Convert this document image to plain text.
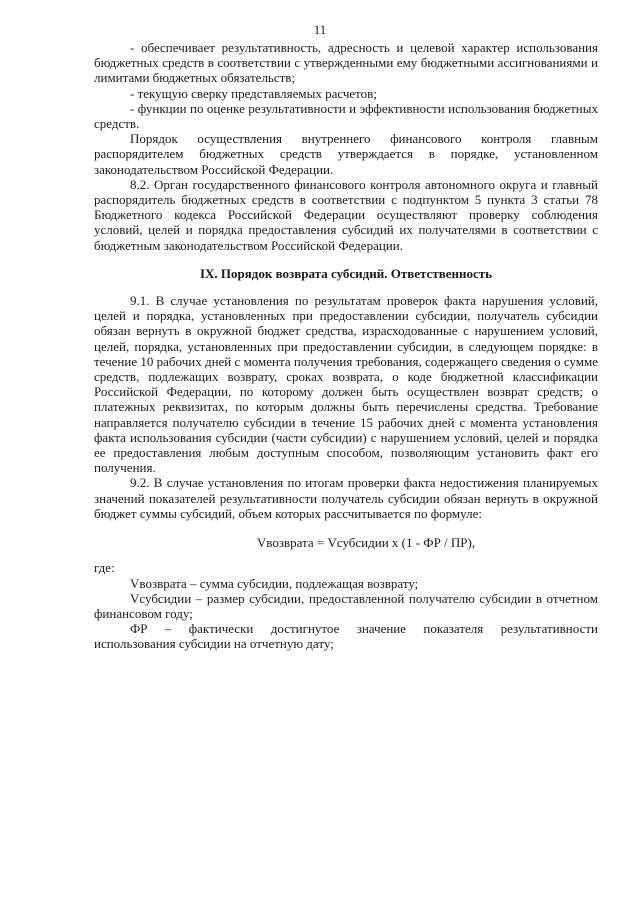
11

- обеспечивает результативность, адресность и целевой характер использования бюджетных средств в соответствии с утвержденными ему бюджетными ассигнованиями и лимитами бюджетных обязательств;

- текущую сверку представляемых расчетов;

- функции по оценке результативности и эффективности использования бюджетных средств.

Порядок осуществления внутреннего финансового контроля главным распорядителем бюджетных средств утверждается в порядке, установленном законодательством Российской Федерации.

8.2. Орган государственного финансового контроля автономного округа и главный распорядитель бюджетных средств в соответствии с подпунктом 5 пункта 3 статьи 78 Бюджетного кодекса Российской Федерации осуществляют проверку соблюдения условий, целей и порядка предоставления субсидий их получателями в соответствии с бюджетным законодательством Российской Федерации.

IX. Порядок возврата субсидий. Ответственность

9.1. В случае установления по результатам проверок факта нарушения условий, целей и порядка, установленных при предоставлении субсидии, получатель субсидии обязан вернуть в окружной бюджет средства, израсходованные с нарушением условий, целей, порядка, установленных при предоставлении субсидии, в следующем порядке: в течение 10 рабочих дней с момента получения требования, содержащего сведения о сумме средств, подлежащих возврату, сроках возврата, о коде бюджетной классификации Российской Федерации, по которому должен быть осуществлен возврат средств; о платежных реквизитах, по которым должны быть перечислены средства. Требование направляется получателю субсидии в течение 15 рабочих дней с момента установления факта использования субсидии (части субсидии) с нарушением условий, целей и порядка ее предоставления любым доступным способом, позволяющим установить факт его получения.

9.2. В случае установления по итогам проверки факта недостижения планируемых значений показателей результативности получатель субсидии обязан вернуть в окружной бюджет суммы субсидий, объем которых рассчитывается по формуле:

Vвозврата = Vсубсидии x (1 - ФР / ПР),

где:

Vвозврата – сумма субсидии, подлежащая возврату;

Vсубсидии – размер субсидии, предоставленной получателю субсидии в отчетном финансовом году;

ФР – фактически достигнутое значение показателя результативности использования субсидии на отчетную дату;
